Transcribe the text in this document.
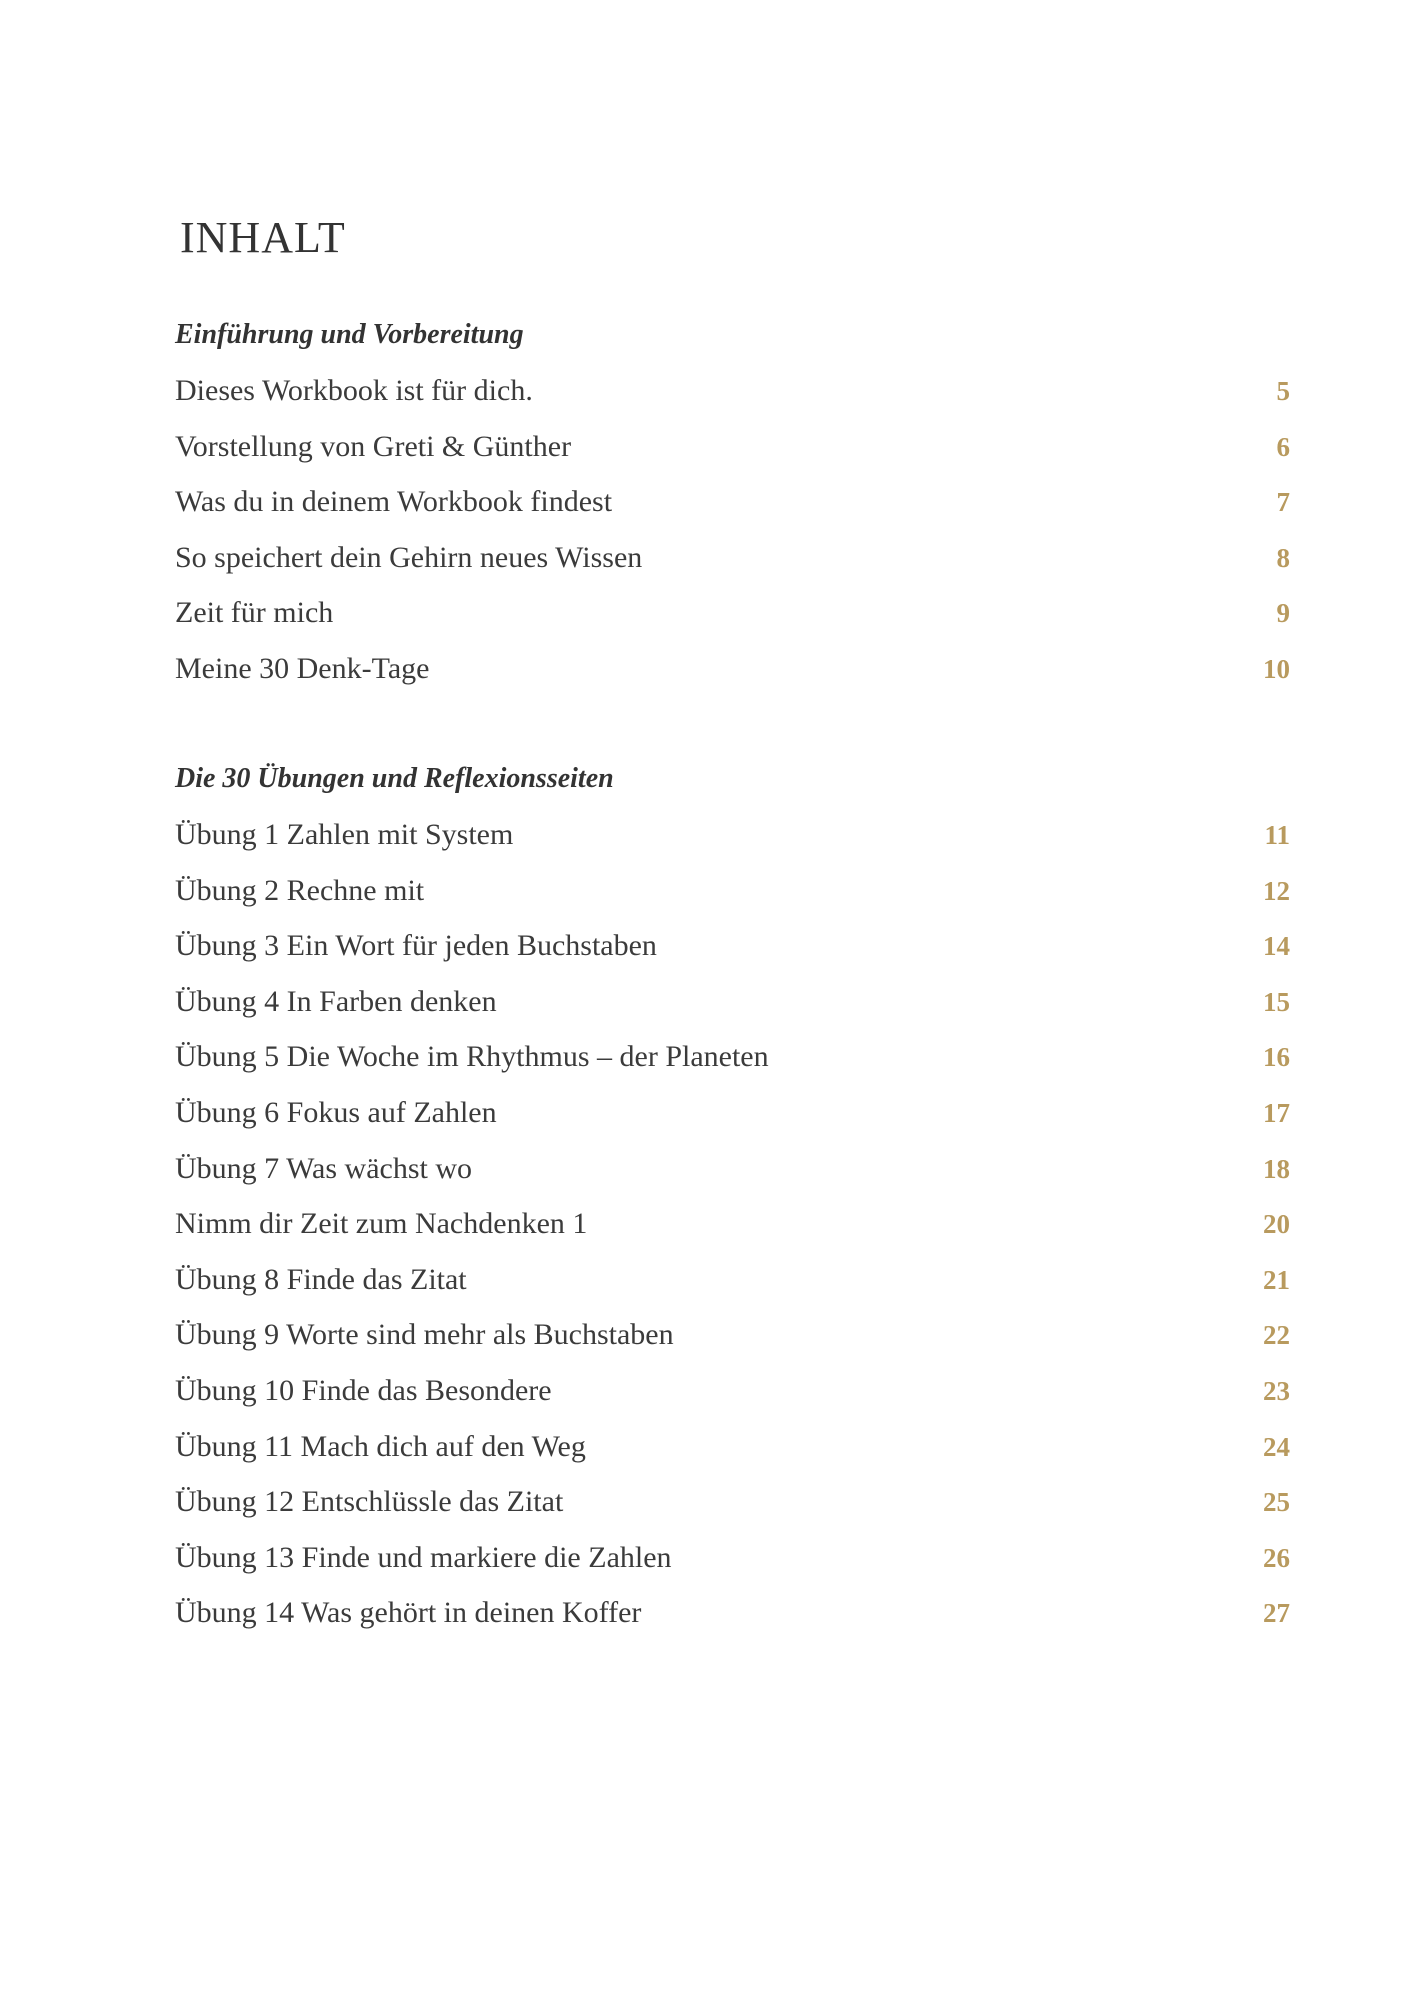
INHALT
Einführung und Vorbereitung
Dieses Workbook ist für dich.	5
Vorstellung von Greti & Günther	6
Was du in deinem Workbook findest	7
So speichert dein Gehirn neues Wissen	8
Zeit für mich	9
Meine 30 Denk-Tage	10
Die 30 Übungen und Reflexionsseiten
Übung 1 Zahlen mit System	11
Übung 2 Rechne mit	12
Übung 3 Ein Wort für jeden Buchstaben	14
Übung 4 In Farben denken	15
Übung 5 Die Woche im Rhythmus – der Planeten	16
Übung 6 Fokus auf Zahlen	17
Übung 7 Was wächst wo	18
Nimm dir Zeit zum Nachdenken 1	20
Übung 8 Finde das Zitat	21
Übung 9 Worte sind mehr als Buchstaben	22
Übung 10 Finde das Besondere	23
Übung 11 Mach dich auf den Weg	24
Übung 12 Entschlüssle das Zitat	25
Übung 13 Finde und markiere die Zahlen	26
Übung 14 Was gehört in deinen Koffer	27
